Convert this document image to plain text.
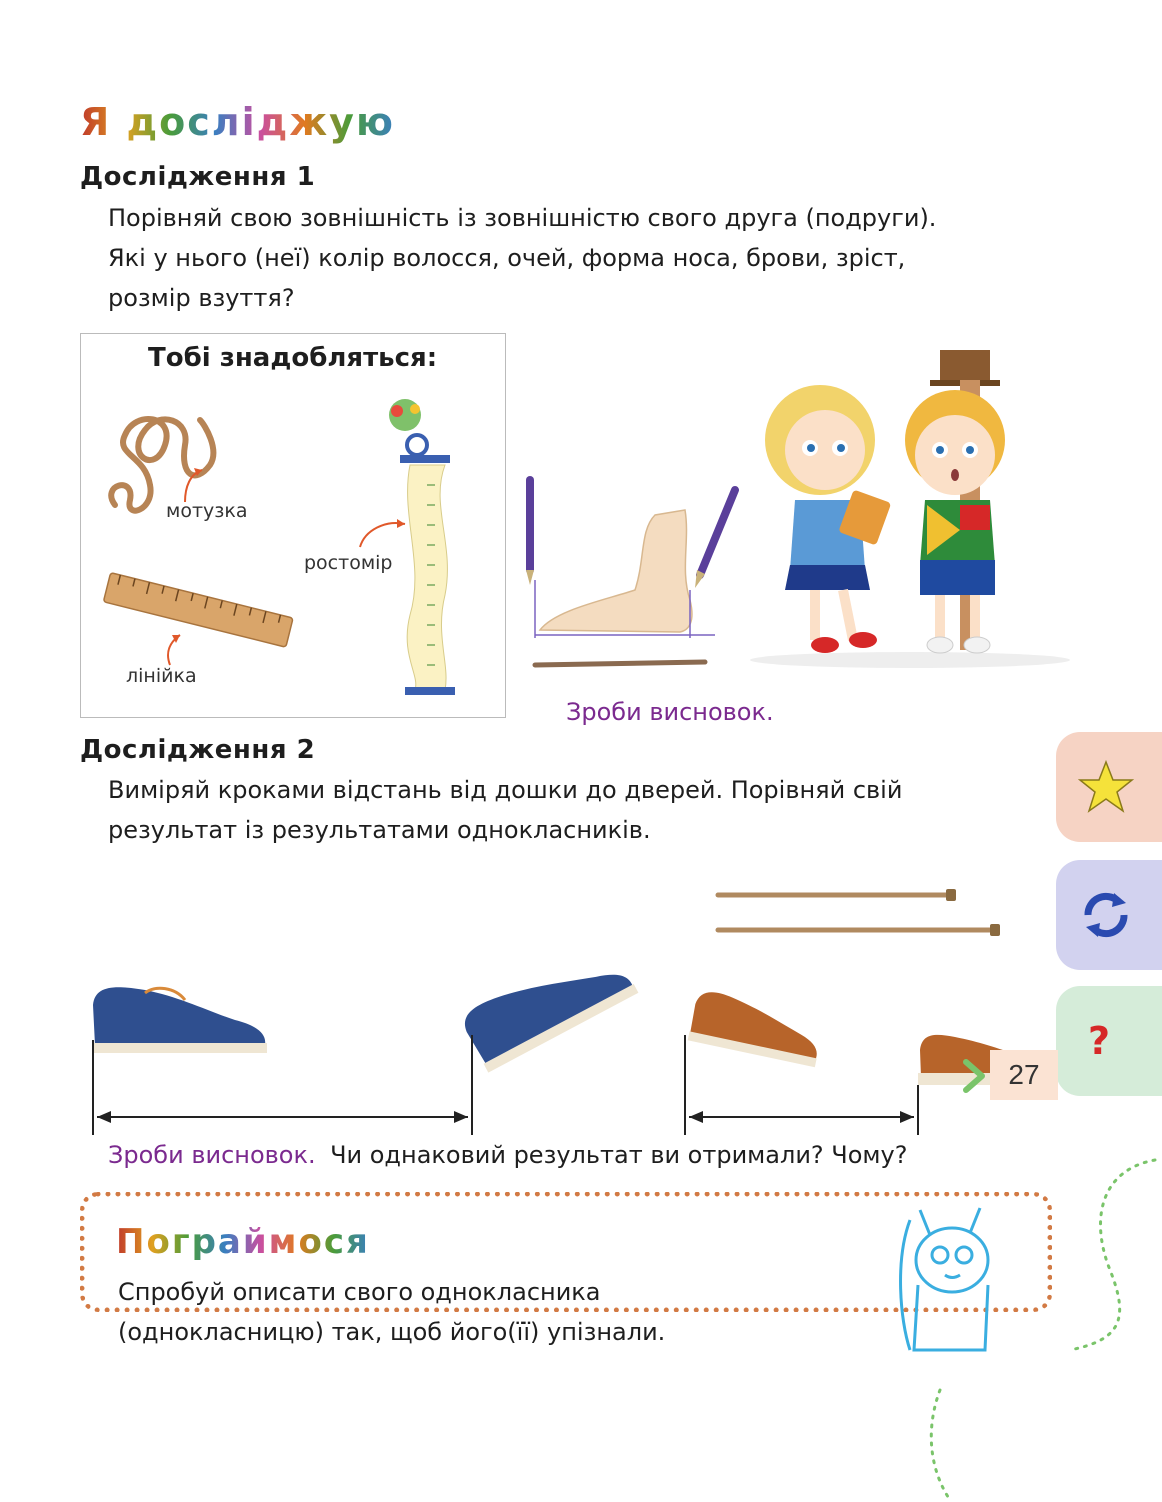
Я досліджую
Дослідження 1

Порівняй свою зовнішність із зовнішністю свого друга (подруги).

Які у нього (неї) колір волосся, очей, форма носа, брови, зріст,

розмір взуття?

Тобі знадобляться:
мотузка
лінійка
ростомір
Зроби висновок.
Дослідження 2

Виміряй кроками відстань від дошки до дверей. Порівняй свій

результат із результатами однокласників.

Зроби висновок. Чи однаковий результат ви отримали? Чому?
?
Пограймося

Спробуй описати свого однокласника

(однокласницю) так, щоб його(її) упізнали.

27
